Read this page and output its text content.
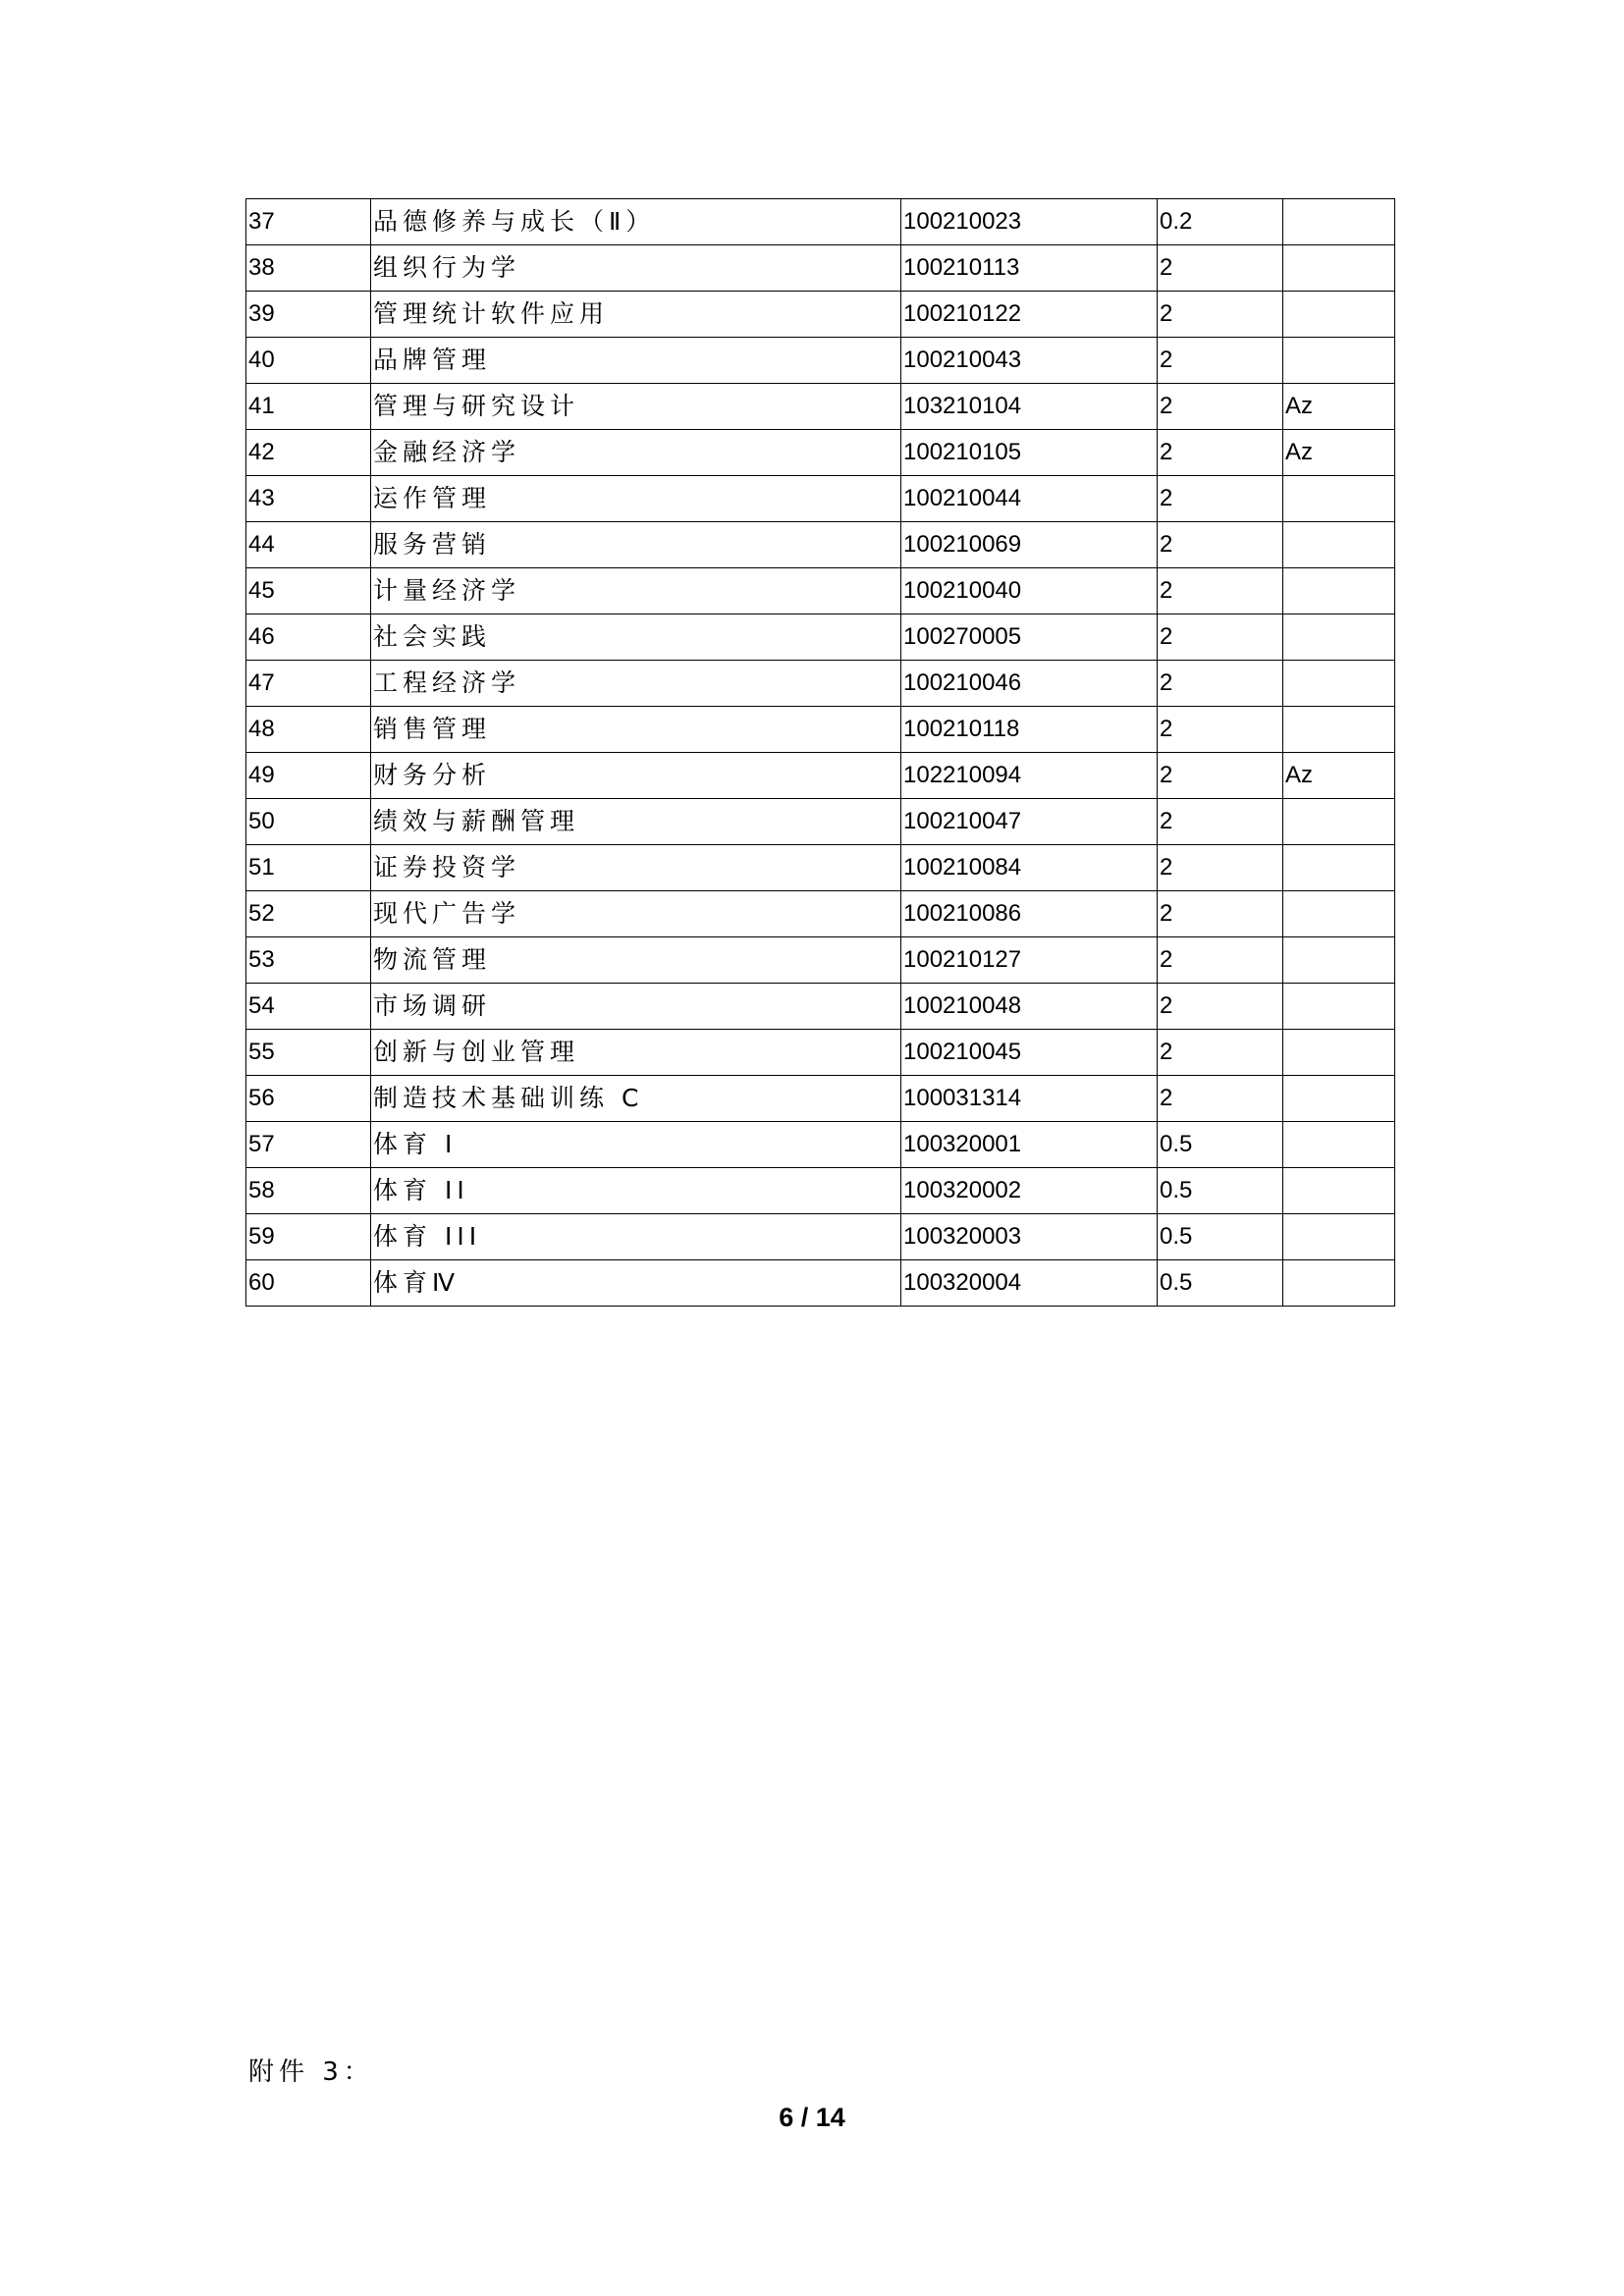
37	品德修养与成长（Ⅱ）	100210023	0.2	
38	组织行为学	100210113	2	
39	管理统计软件应用	100210122	2	
40	品牌管理	100210043	2	
41	管理与研究设计	103210104	2	Az
42	金融经济学	100210105	2	Az
43	运作管理	100210044	2	
44	服务营销	100210069	2	
45	计量经济学	100210040	2	
46	社会实践	100270005	2	
47	工程经济学	100210046	2	
48	销售管理	100210118	2	
49	财务分析	102210094	2	Az
50	绩效与薪酬管理	100210047	2	
51	证券投资学	100210084	2	
52	现代广告学	100210086	2	
53	物流管理	100210127	2	
54	市场调研	100210048	2	
55	创新与创业管理	100210045	2	
56	制造技术基础训练 C	100031314	2	
57	体育 I	100320001	0.5	
58	体育 II	100320002	0.5	
59	体育 III	100320003	0.5	
60	体育Ⅳ	100320004	0.5	
附件 3：
6 / 14
